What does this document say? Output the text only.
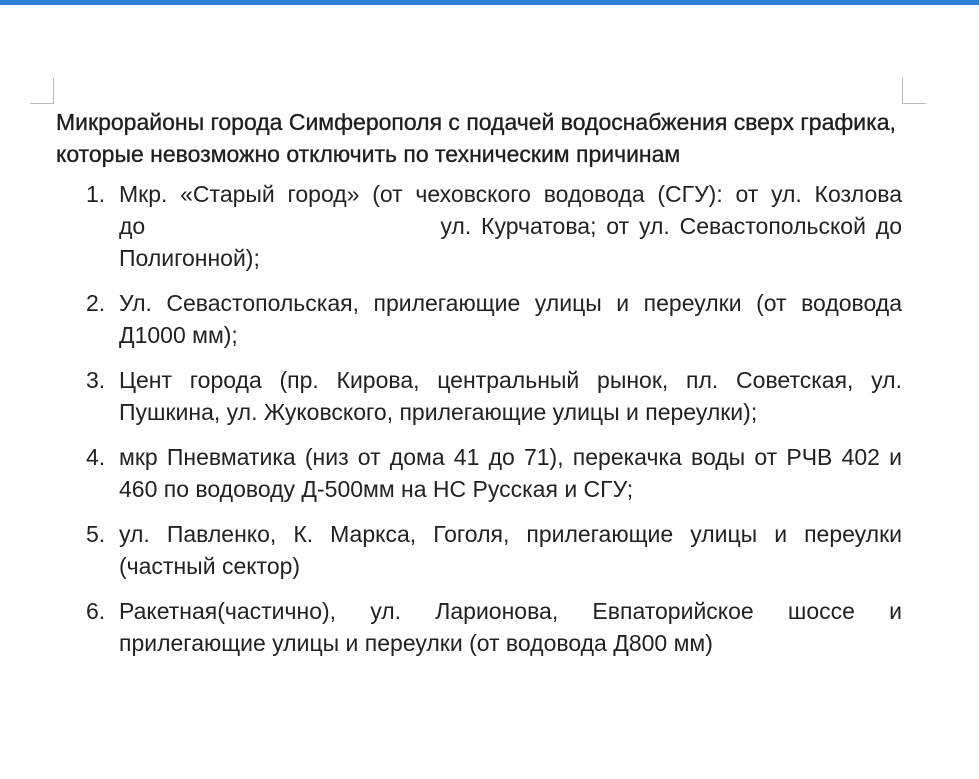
Микрорайоны города Симферополя с подачей водоснабжения сверх графика, которые невозможно отключить по техническим причинам
1. Мкр. «Старый город» (от чеховского водовода (СГУ): от ул. Козлова до                              ул. Курчатова; от ул. Севастопольской до Полигонной);
2. Ул. Севастопольская, прилегающие улицы и переулки (от водовода Д1000 мм);
3. Цент города (пр. Кирова, центральный рынок, пл. Советская, ул. Пушкина, ул. Жуковского, прилегающие улицы и переулки);
4. мкр Пневматика (низ от дома 41 до 71), перекачка воды от РЧВ 402 и 460 по водоводу Д-500мм на НС Русская и СГУ;
5. ул. Павленко, К. Маркса, Гоголя, прилегающие улицы и переулки (частный сектор)
6. Ракетная(частично), ул. Ларионова, Евпаторийское шоссе и прилегающие улицы и переулки (от водовода Д800 мм)
